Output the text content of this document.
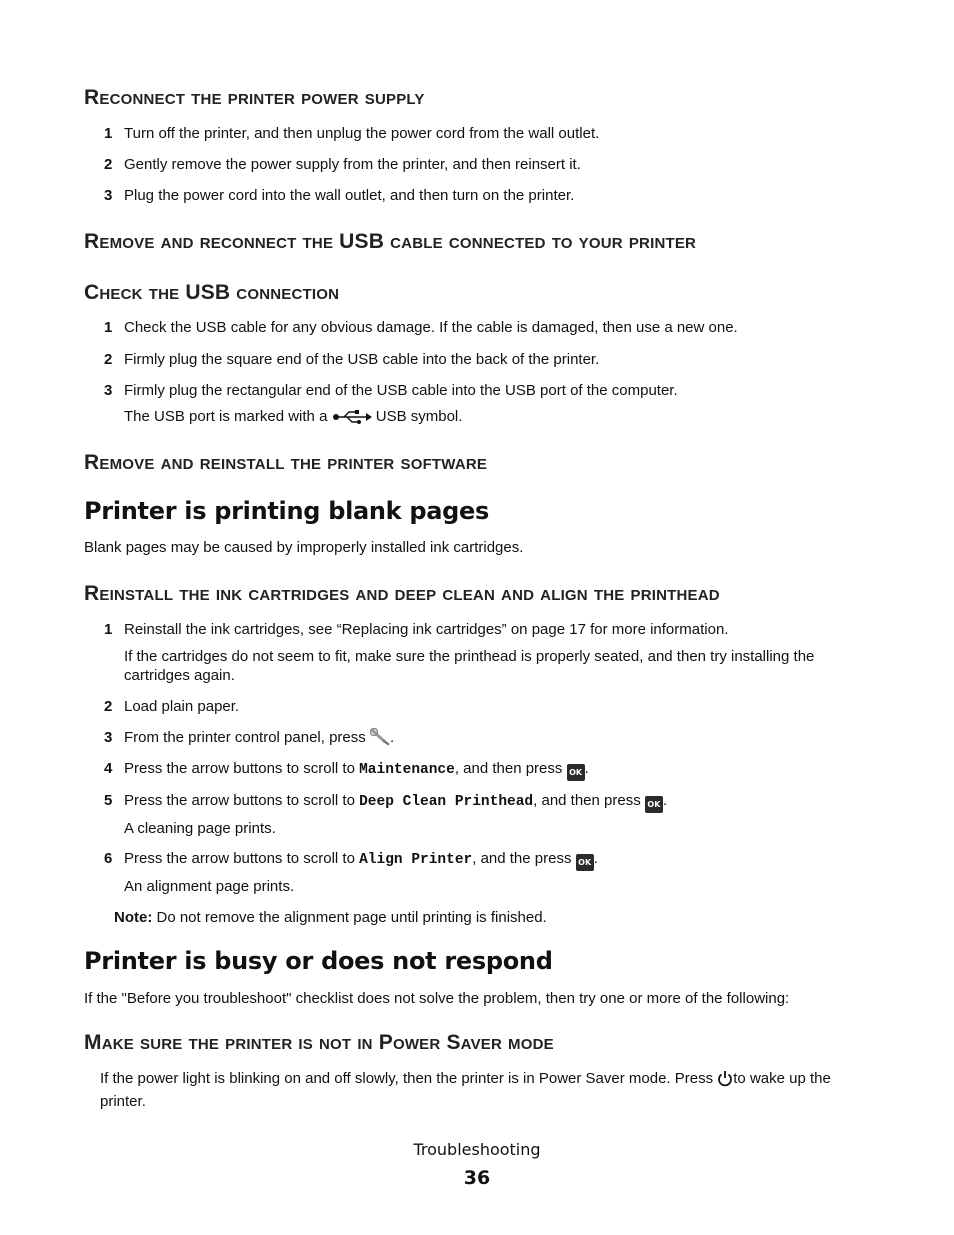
Reconnect the printer power supply
1 Turn off the printer, and then unplug the power cord from the wall outlet.
2 Gently remove the power supply from the printer, and then reinsert it.
3 Plug the power cord into the wall outlet, and then turn on the printer.
Remove and reconnect the USB cable connected to your printer
Check the USB connection
1 Check the USB cable for any obvious damage. If the cable is damaged, then use a new one.
2 Firmly plug the square end of the USB cable into the back of the printer.
3 Firmly plug the rectangular end of the USB cable into the USB port of the computer.
The USB port is marked with a	USB symbol.
Remove and reinstall the printer software
Printer is printing blank pages
Blank pages may be caused by improperly installed ink cartridges.
Reinstall the ink cartridges and deep clean and align the printhead
1 Reinstall the ink cartridges, see “Replacing ink cartridges” on page 17 for more information.
If the cartridges do not seem to fit, make sure the printhead is properly seated, and then try installing the cartridges again.
2 Load plain paper.
3 From the printer control panel, press .
4 Press the arrow buttons to scroll to Maintenance, and then press OK .
5 Press the arrow buttons to scroll to Deep Clean Printhead, and then press OK .
A cleaning page prints.
6 Press the arrow buttons to scroll to Align Printer, and the press OK .
An alignment page prints.
Note: Do not remove the alignment page until printing is finished.
Printer is busy or does not respond
If the "Before you troubleshoot" checklist does not solve the problem, then try one or more of the following:
Make sure the printer is not in Power Saver mode
If the power light is blinking on and off slowly, then the printer is in Power Saver mode. Press to wake up the printer.
Troubleshooting
36
